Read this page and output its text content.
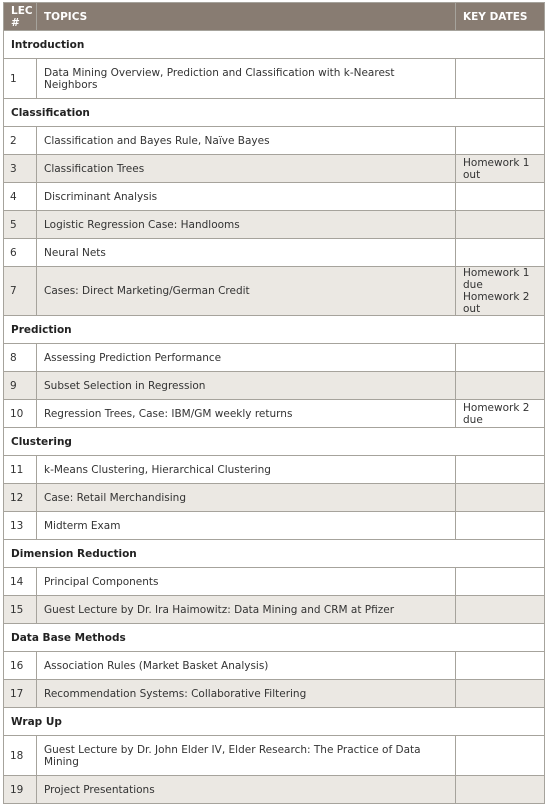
LEC #	TOPICS	KEY DATES
Introduction		
1	Data Mining Overview, Prediction and Classification with k-Nearest Neighbors	
Classification		
2	Classification and Bayes Rule, Naïve Bayes	
3	Classification Trees	Homework 1 out
4	Discriminant Analysis	
5	Logistic Regression Case: Handlooms	
6	Neural Nets	
7	Cases: Direct Marketing/German Credit	Homework 1 due Homework 2 out
Prediction		
8	Assessing Prediction Performance	
9	Subset Selection in Regression	
10	Regression Trees, Case: IBM/GM weekly returns	Homework 2 due
Clustering		
11	k-Means Clustering, Hierarchical Clustering	
12	Case: Retail Merchandising	
13	Midterm Exam	
Dimension Reduction		
14	Principal Components	
15	Guest Lecture by Dr. Ira Haimowitz: Data Mining and CRM at Pfizer	
Data Base Methods		
16	Association Rules (Market Basket Analysis)	
17	Recommendation Systems: Collaborative Filtering	
Wrap Up		
18	Guest Lecture by Dr. John Elder IV, Elder Research: The Practice of Data Mining	
19	Project Presentations	
